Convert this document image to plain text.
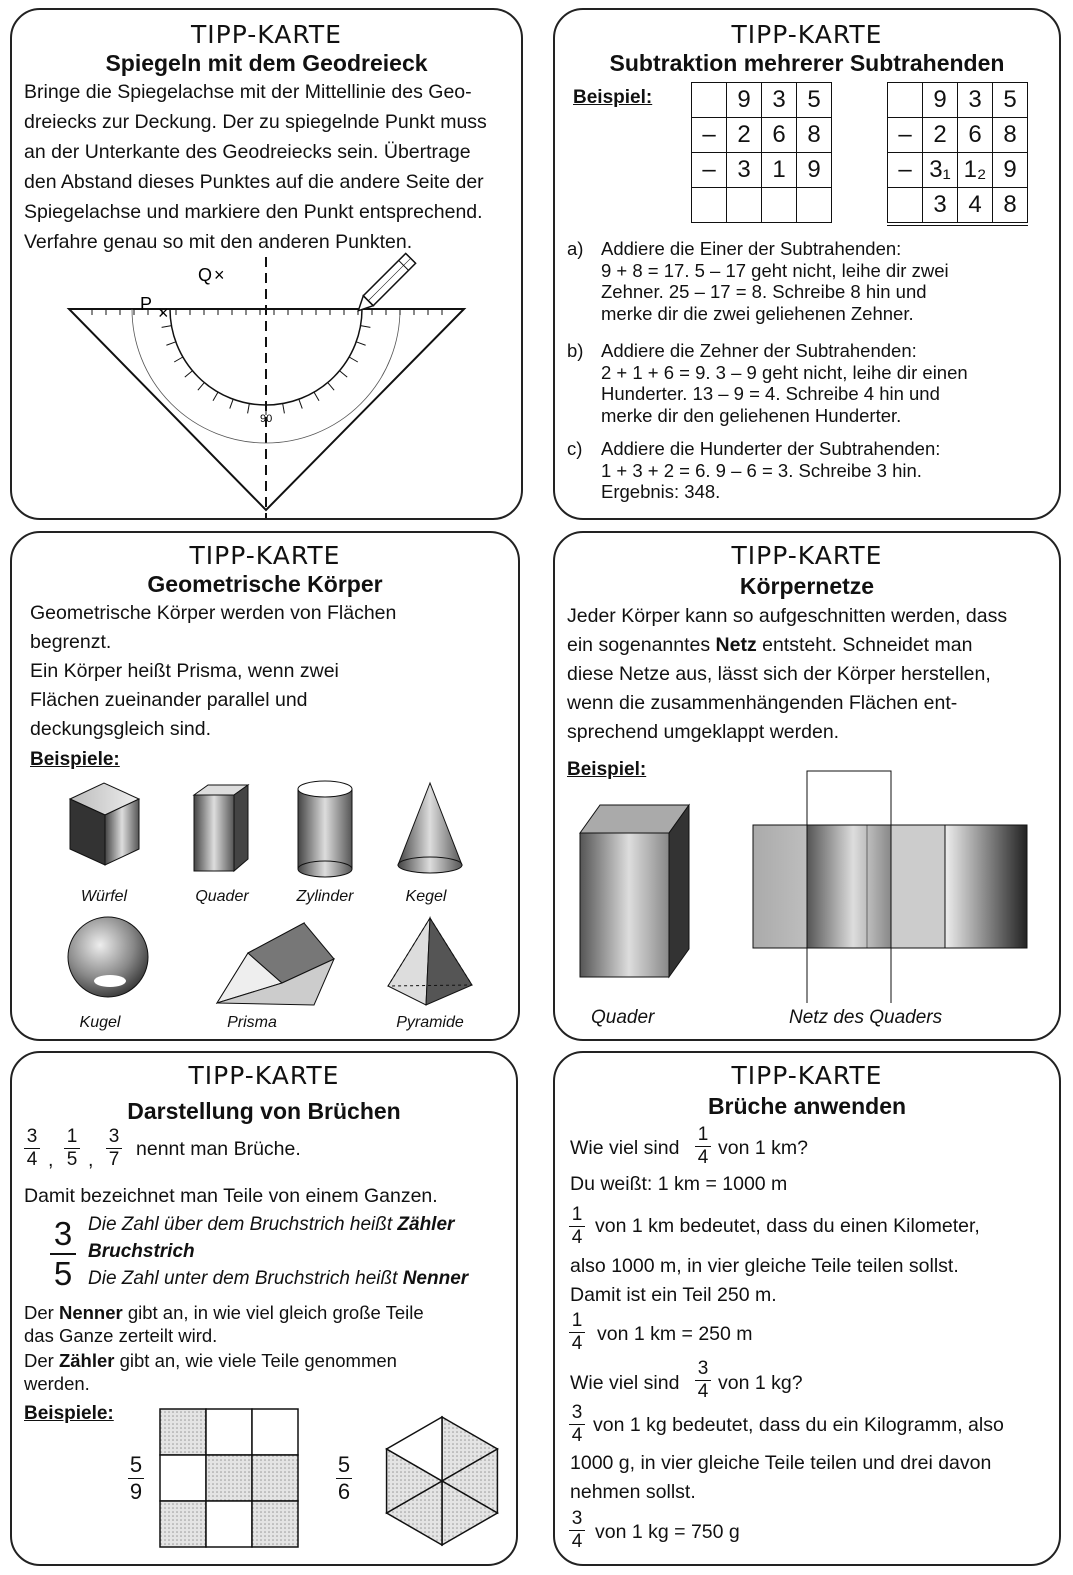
TIPP-KARTE
Spiegeln mit dem Geodreieck
Bringe die Spiegelachse mit der Mittellinie des Geo-
dreiecks zur Deckung. Der zu spiegelnde Punkt muss
an der Unterkante des Geodreiecks sein. Übertrage
den Abstand dieses Punktes auf die andere Seite der
Spiegelachse und markiere den Punkt entsprechend.
Verfahre genau so mit den anderen Punkten.
90
Q ×
P ×
TIPP-KARTE
Subtraktion mehrerer Subtrahenden
Beispiel:
		9	3	5
–	2	6	8
–	3	1	9

	9	3	5
–	2	6	8
–	3₁	1₂	9
	3	4	8
a) Addiere die Einer der Subtrahenden:
9 + 8 = 17. 5 – 17 geht nicht, leihe dir zwei
Zehner. 25 – 17 = 8. Schreibe 8 hin und
merke dir die zwei geliehenen Zehner.
b) Addiere die Zehner der Subtrahenden:
2 + 1 + 6 = 9. 3 – 9 geht nicht, leihe dir einen
Hunderter. 13 – 9 = 4. Schreibe 4 hin und
merke dir den geliehenen Hunderter.
c) Addiere die Hunderter der Subtrahenden:
1 + 3 + 2 = 6. 9 – 6 = 3. Schreibe 3 hin.
Ergebnis: 348.
TIPP-KARTE
Geometrische Körper
Geometrische Körper werden von Flächen
begrenzt.
Ein Körper heißt Prisma, wenn zwei
Flächen zueinander parallel und
deckungsgleich sind.
Beispiele:
Würfel	Quader	Zylinder	Kegel
Kugel	Prisma	Pyramide
TIPP-KARTE
Körpernetze
Jeder Körper kann so aufgeschnitten werden, dass
ein sogenanntes Netz entsteht. Schneidet man
diese Netze aus, lässt sich der Körper herstellen,
wenn die zusammenhängenden Flächen ent-
sprechend umgeklappt werden.
Beispiel:
Quader	Netz des Quaders
TIPP-KARTE
Darstellung von Brüchen
3
4 ,
1
5 ,
3
7 nennt man Brüche.
Damit bezeichnet man Teile von einem Ganzen.
3
5
Die Zahl über dem Bruchstrich heißt Zähler
Bruchstrich
Die Zahl unter dem Bruchstrich heißt Nenner
Der Nenner gibt an, in wie viel gleich große Teile
das Ganze zerteilt wird.
Der Zähler gibt an, wie viele Teile genommen
werden.
Beispiele:
5
9
5
6
TIPP-KARTE
Brüche anwenden
Wie viel sind
1
4 von 1 km?
Du weißt: 1 km = 1000 m
1
4
von 1 km bedeutet, dass du einen Kilometer,
also 1000 m, in vier gleiche Teile teilen sollst.
Damit ist ein Teil 250 m.
1
4 von 1 km = 250 m
Wie viel sind
3
4 von 1 kg?
3
4 von 1 kg bedeutet, dass du ein Kilogramm, also
1000 g, in vier gleiche Teile teilen und drei davon
nehmen sollst.
3
4 von 1 kg = 750 g
